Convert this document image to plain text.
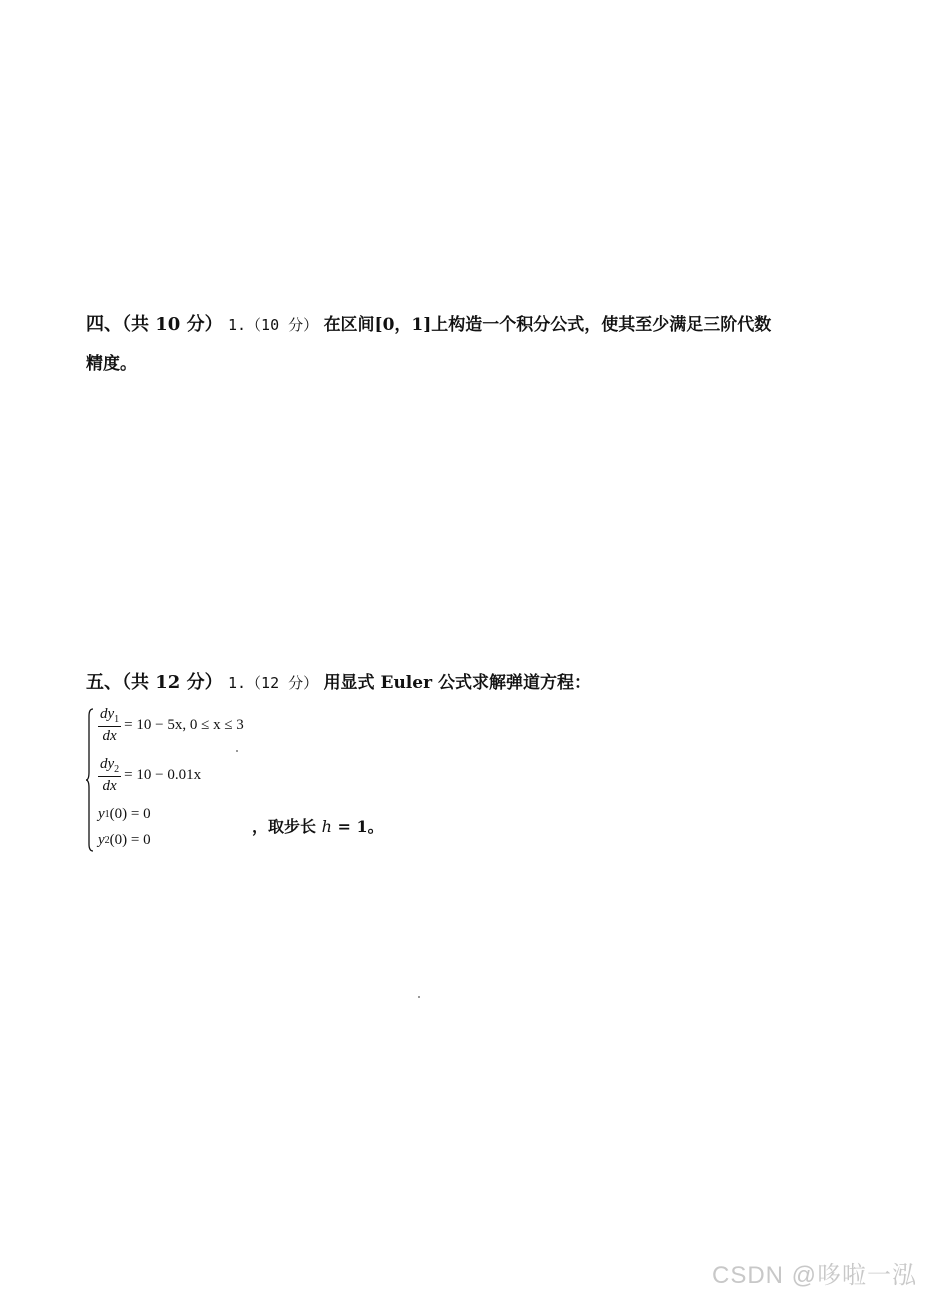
四、（共 10 分） 1.（10 分） 在区间[0，1]上构造一个积分公式，使其至少满足三阶代数
精度。
五、（共 12 分） 1.（12 分） 用显式 Euler 公式求解弹道方程：
$\frac{dy_1}{dx} = 10 - 5x$, 0 ≤ x ≤ 3
$\frac{dy_2}{dx} = 10 - 0.01x$
y 1 (0) = 0
y 2 (0) = 0
，取步长 h = 1。
CSDN @哆啦一泓
